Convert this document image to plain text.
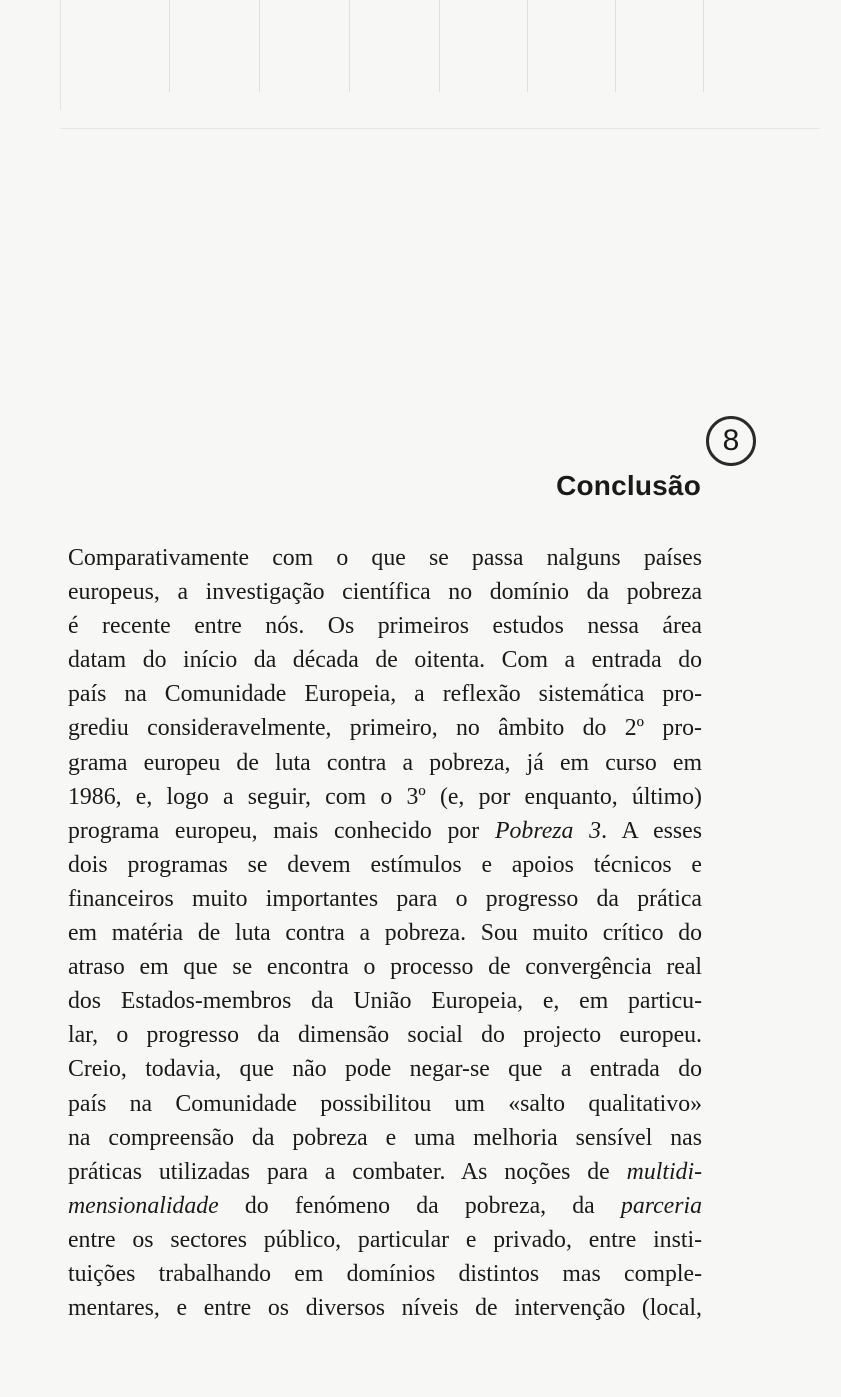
8
Conclusão
Comparativamente com o que se passa nalguns países
europeus, a investigação científica no domínio da pobreza
é recente entre nós. Os primeiros estudos nessa área
datam do início da década de oitenta. Com a entrada do
país na Comunidade Europeia, a reflexão sistemática pro-
grediu consideravelmente, primeiro, no âmbito do 2º pro-
grama europeu de luta contra a pobreza, já em curso em
1986, e, logo a seguir, com o 3º (e, por enquanto, último)
programa europeu, mais conhecido por Pobreza 3. A esses
dois programas se devem estímulos e apoios técnicos e
financeiros muito importantes para o progresso da prática
em matéria de luta contra a pobreza. Sou muito crítico do
atraso em que se encontra o processo de convergência real
dos Estados-membros da União Europeia, e, em particu-
lar, o progresso da dimensão social do projecto europeu.
Creio, todavia, que não pode negar-se que a entrada do
país na Comunidade possibilitou um «salto qualitativo»
na compreensão da pobreza e uma melhoria sensível nas
práticas utilizadas para a combater. As noções de multidi-
mensionalidade do fenómeno da pobreza, da parceria
entre os sectores público, particular e privado, entre insti-
tuições trabalhando em domínios distintos mas comple-
mentares, e entre os diversos níveis de intervenção (local,
